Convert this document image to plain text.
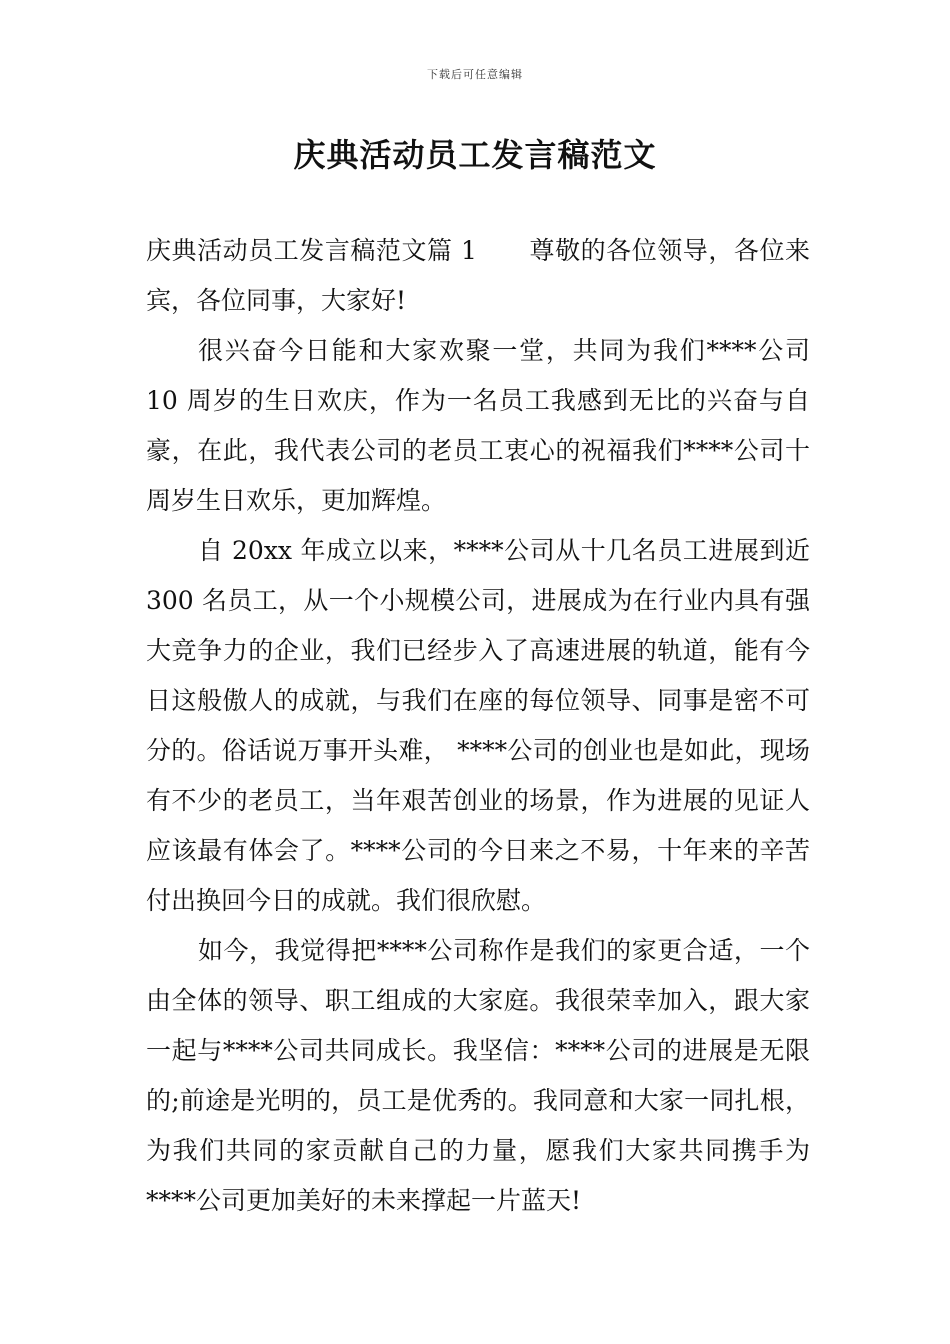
下载后可任意编辑
庆典活动员工发言稿范文

庆典活动员工发言稿范文篇 1 尊敬的各位领导，各位来宾，各位同事，大家好!

很兴奋今日能和大家欢聚一堂，共同为我们****公司 10 周岁的生日欢庆，作为一名员工我感到无比的兴奋与自豪，在此，我代表公司的老员工衷心的祝福我们****公司十周岁生日欢乐，更加辉煌。

自 20xx 年成立以来，****公司从十几名员工进展到近 300 名员工，从一个小规模公司，进展成为在行业内具有强大竞争力的企业，我们已经步入了高速进展的轨道，能有今日这般傲人的成就，与我们在座的每位领导、同事是密不可分的。俗话说万事开头难， ****公司的创业也是如此，现场有不少的老员工，当年艰苦创业的场景，作为进展的见证人应该最有体会了。****公司的今日来之不易，十年来的辛苦付出换回今日的成就。我们很欣慰。

如今，我觉得把****公司称作是我们的家更合适，一个由全体的领导、职工组成的大家庭。我很荣幸加入，跟大家一起与****公司共同成长。我坚信：****公司的进展是无限的;前途是光明的，员工是优秀的。我同意和大家一同扎根，为我们共同的家贡献自己的力量，愿我们大家共同携手为****公司更加美好的未来撑起一片蓝天!
